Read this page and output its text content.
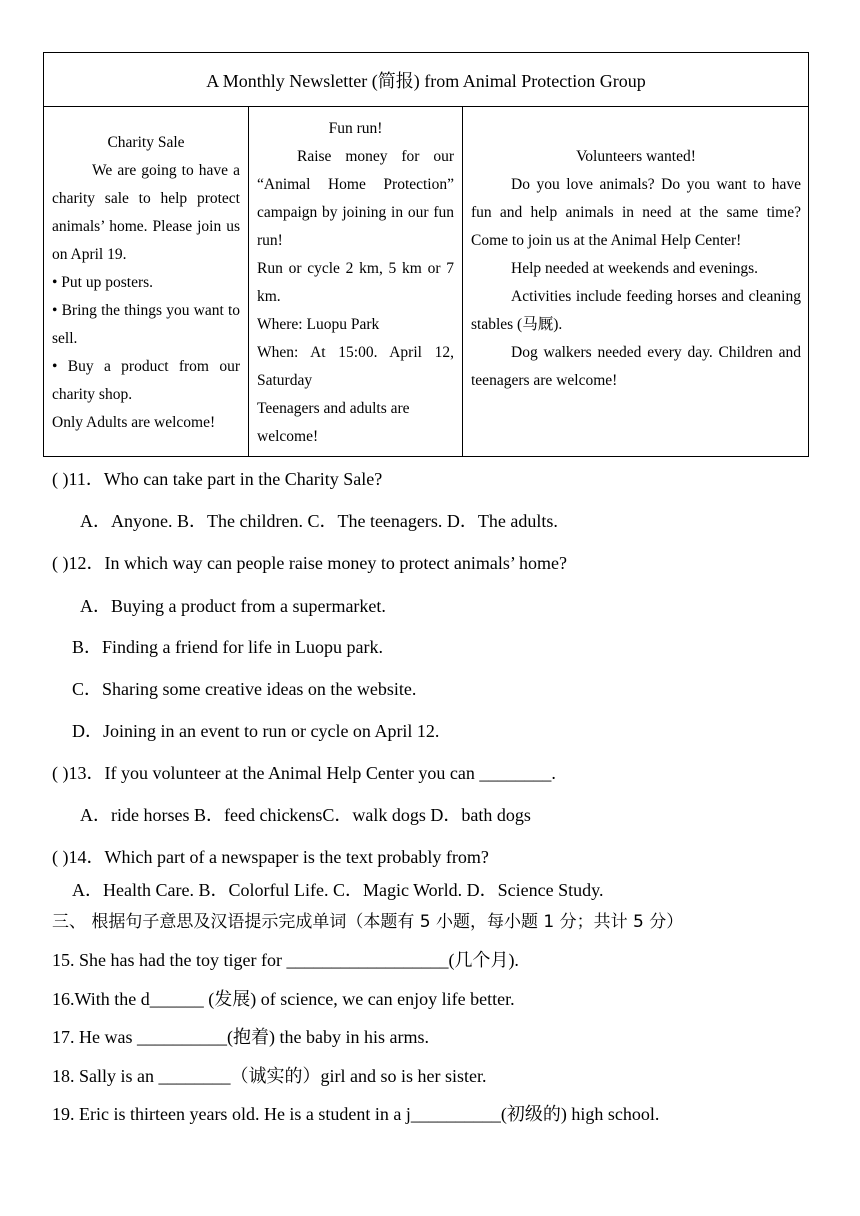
A Monthly Newsletter (简报) from Animal Protection Group

Charity Sale

We are going to have a charity sale to help protect animals’ home. Please join us on April 19.

• Put up posters.

• Bring the things you want to sell.

• Buy a product from our charity shop.

Only Adults are welcome!

Fun run!

Raise money for our “Animal Home Protection” campaign by joining in our fun run!

Run or cycle 2 km, 5 km or 7 km.

Where: Luopu Park

When: At 15:00. April 12, Saturday

Teenagers and adults are welcome!

Volunteers wanted!

Do you love animals? Do you want to have fun and help animals in need at the same time? Come to join us at the Animal Help Center!

Help needed at weekends and evenings.

Activities include feeding horses and cleaning stables (马厩).

Dog walkers needed every day. Children and teenagers are welcome!

( )11．Who can take part in the Charity Sale?
A．Anyone. B．The children. C．The teenagers. D．The adults.
( )12．In which way can people raise money to protect animals’ home?
A．Buying a product from a supermarket.
B．Finding a friend for life in Luopu park.
C．Sharing some creative ideas on the website.
D．Joining in an event to run or cycle on April 12.
( )13．If you volunteer at the Animal Help Center you can ________.
A．ride horses B．feed chickensC．walk dogs D．bath dogs
( )14．Which part of a newspaper is the text probably from?
A．Health Care. B．Colorful Life. C．Magic World. D．Science Study.
三、 根据句子意思及汉语提示完成单词（本题有 5 小题，每小题 1 分；共计 5 分）
15. She has had the toy tiger for __________________(几个月).
16.With the d______ (发展) of science, we can enjoy life better.
17. He was __________(抱着) the baby in his arms.
18. Sally is an ________（诚实的）girl and so is her sister.
19. Eric is thirteen years old. He is a student in a j__________(初级的) high school.
